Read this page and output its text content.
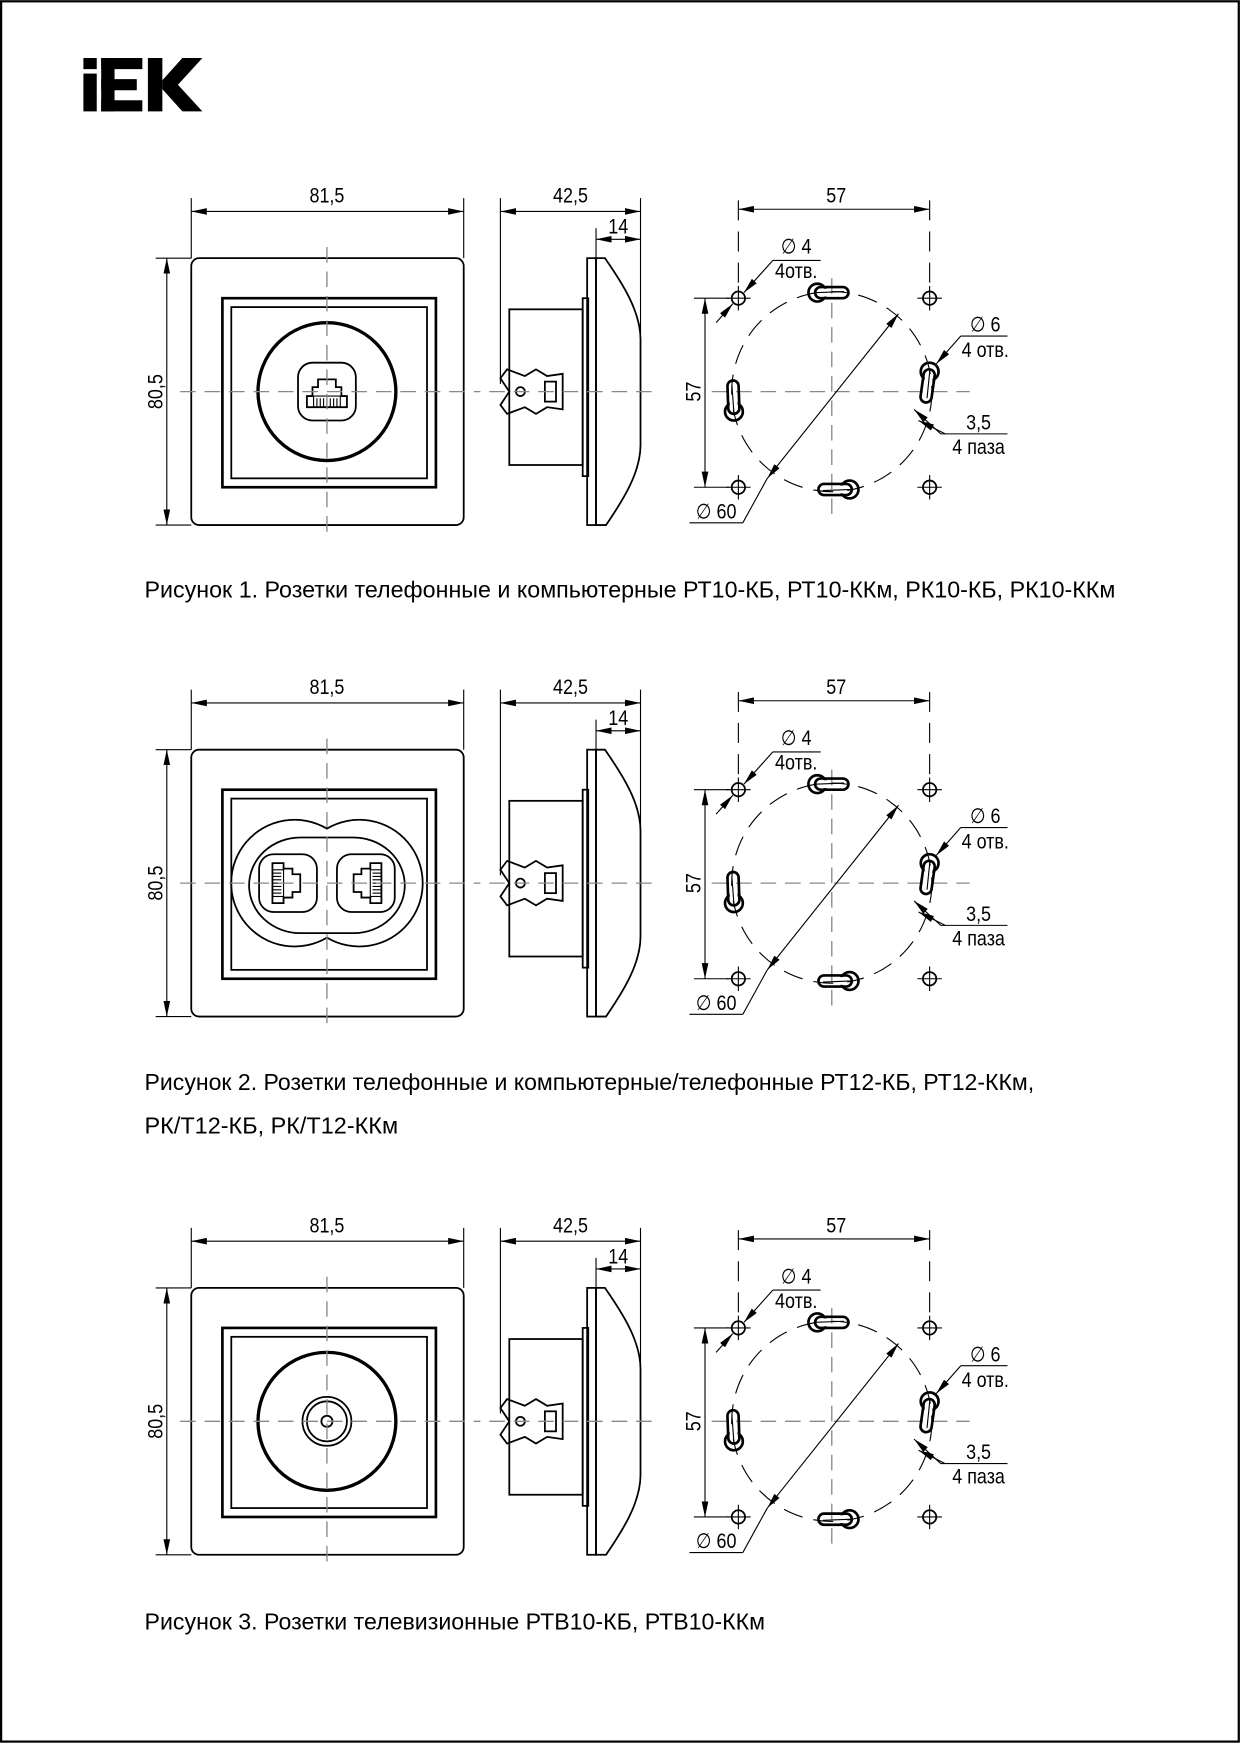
81,5
80,5
42,5
14
57
57
∅ 60
∅ 4
4отв.
∅ 6
4 отв.
3,5
4 паза
Рисунок 1. Розетки телефонные и компьютерные РТ10-КБ, РТ10-ККм, РК10-КБ, РК10-ККм
81,5
80,5
42,5
14
57
57
∅ 60
∅ 4
4отв.
∅ 6
4 отв.
3,5
4 паза
Рисунок 2. Розетки телефонные и компьютерные/телефонные РТ12-КБ, РТ12-ККм,
РК/Т12-КБ, РК/Т12-ККм
81,5
80,5
42,5
14
57
57
∅ 60
∅ 4
4отв.
∅ 6
4 отв.
3,5
4 паза
Рисунок 3. Розетки телевизионные РТВ10-КБ, РТВ10-ККм
